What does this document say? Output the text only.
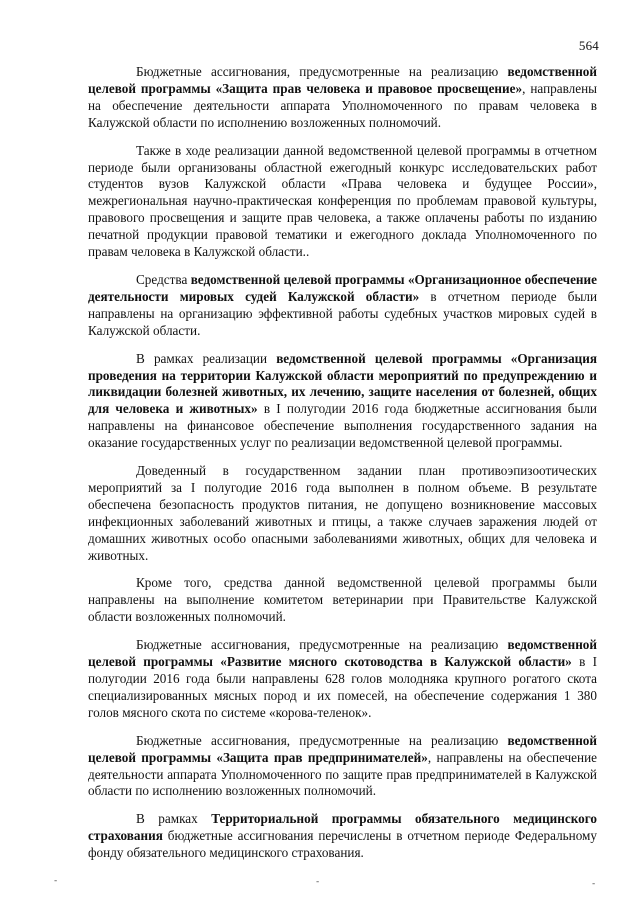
564

Бюджетные ассигнования, предусмотренные на реализацию ведомственной целевой программы «Защита прав человека и правовое просвещение», направлены на обеспечение деятельности аппарата Уполномоченного по правам человека в Калужской области по исполнению возложенных полномочий.

Также в ходе реализации данной ведомственной целевой программы в отчетном периоде были организованы областной ежегодный конкурс исследовательских работ студентов вузов Калужской области «Права человека и будущее России», межрегиональная научно-практическая конференция по проблемам правовой культуры, правового просвещения и защите прав человека, а также оплачены работы по изданию печатной продукции правовой тематики и ежегодного доклада Уполномоченного по правам человека в Калужской области..

Средства ведомственной целевой программы «Организационное обеспечение деятельности мировых судей Калужской области» в отчетном периоде были направлены на организацию эффективной работы судебных участков мировых судей в Калужской области.

В рамках реализации ведомственной целевой программы «Организация проведения на территории Калужской области мероприятий по предупреждению и ликвидации болезней животных, их лечению, защите населения от болезней, общих для человека и животных» в I полугодии 2016 года бюджетные ассигнования были направлены на финансовое обеспечение выполнения государственного задания на оказание государственных услуг по реализации ведомственной целевой программы.

Доведенный в государственном задании план противоэпизоотических мероприятий за I полугодие 2016 года выполнен в полном объеме. В результате обеспечена безопасность продуктов питания, не допущено возникновение массовых инфекционных заболеваний животных и птицы, а также случаев заражения людей от домашних животных особо опасными заболеваниями животных, общих для человека и животных.

Кроме того, средства данной ведомственной целевой программы были направлены на выполнение комитетом ветеринарии при Правительстве Калужской области возложенных полномочий.

Бюджетные ассигнования, предусмотренные на реализацию ведомственной целевой программы «Развитие мясного скотоводства в Калужской области» в I полугодии 2016 года были направлены 628 голов молодняка крупного рогатого скота специализированных мясных пород и их помесей, на обеспечение содержания 1 380 голов мясного скота по системе «корова-теленок».

Бюджетные ассигнования, предусмотренные на реализацию ведомственной целевой программы «Защита прав предпринимателей», направлены на обеспечение деятельности аппарата Уполномоченного по защите прав предпринимателей в Калужской области по исполнению возложенных полномочий.

В рамках Территориальной программы обязательного медицинского страхования бюджетные ассигнования перечислены в отчетном периоде Федеральному фонду обязательного медицинского страхования.

-	-	-
